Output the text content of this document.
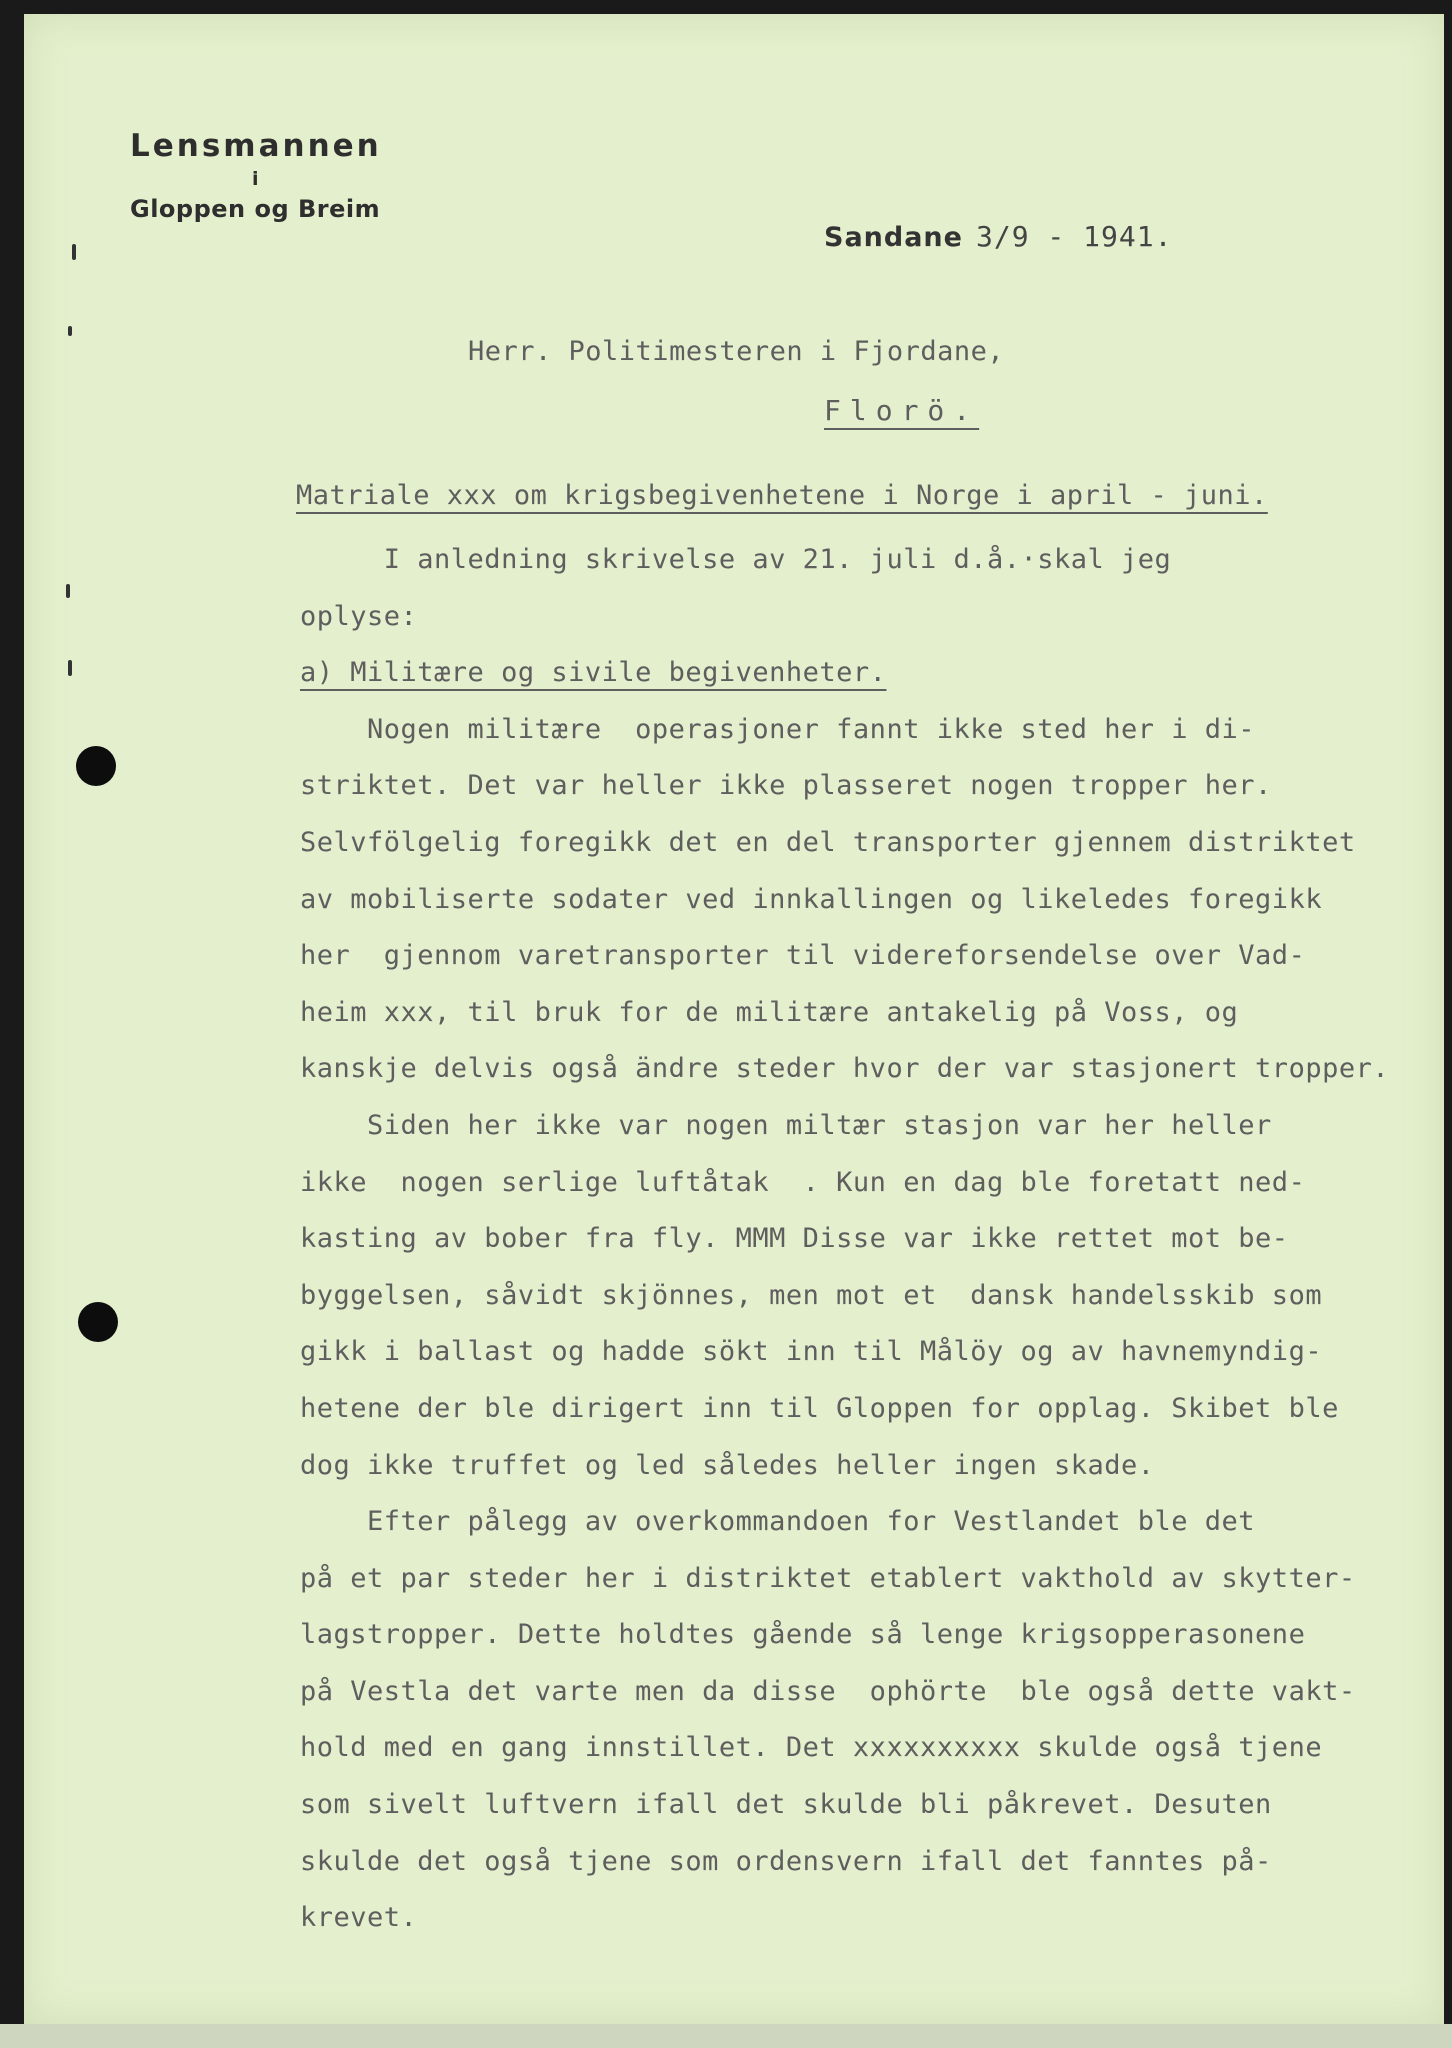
Lensmannen
i
Gloppen og Breim
Sandane 3/9 - 1941.
Herr. Politimesteren i Fjordane,
Florö.
Matriale xxx om krigsbegivenhetene i Norge i april - juni.
I anledning skrivelse av 21. juli d.å.·skal jeg
oplyse:
a) Militære og sivile begivenheter.
Nogen militære  operasjoner fannt ikke sted her i di-
striktet. Det var heller ikke plasseret nogen tropper her.
Selvfölgelig foregikk det en del transporter gjennem distriktet
av mobiliserte sodater ved innkallingen og likeledes foregikk
her  gjennom varetransporter til videreforsendelse over Vad-
heim xxx, til bruk for de militære antakelig på Voss, og
kanskje delvis også ändre steder hvor der var stasjonert tropper.
Siden her ikke var nogen miltær stasjon var her heller
ikke  nogen serlige luftåtak  . Kun en dag ble foretatt ned-
kasting av bober fra fly. MMM Disse var ikke rettet mot be-
byggelsen, såvidt skjönnes, men mot et  dansk handelsskib som
gikk i ballast og hadde sökt inn til Målöy og av havnemyndig-
hetene der ble dirigert inn til Gloppen for opplag. Skibet ble
dog ikke truffet og led således heller ingen skade.
Efter pålegg av overkommandoen for Vestlandet ble det
på et par steder her i distriktet etablert vakthold av skytter-
lagstropper. Dette holdtes gående så lenge krigsopperasonene
på Vestla det varte men da disse  ophörte  ble også dette vakt-
hold med en gang innstillet. Det xxxxxxxxxx skulde også tjene
som sivelt luftvern ifall det skulde bli påkrevet. Desuten
skulde det også tjene som ordensvern ifall det fanntes på-
krevet.
